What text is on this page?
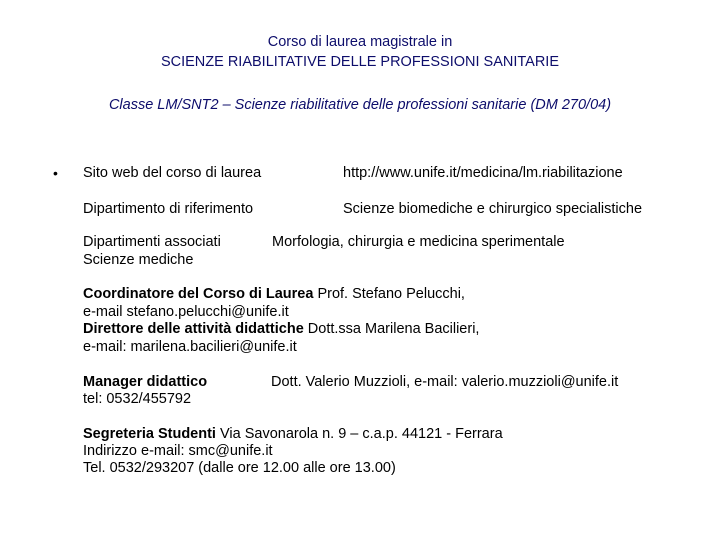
Corso di laurea magistrale in
SCIENZE RIABILITATIVE DELLE PROFESSIONI SANITARIE
Classe LM/SNT2 – Scienze riabilitative delle professioni sanitarie (DM 270/04)
• Sito web del corso di laurea	http://www.unife.it/medicina/lm.riabilitazione
Dipartimento di riferimento	Scienze biomediche e chirurgico specialistiche
Dipartimenti associati	Morfologia, chirurgia e medicina sperimentale
Scienze mediche
Coordinatore del Corso di Laurea Prof. Stefano Pelucchi,
e-mail stefano.pelucchi@unife.it
Direttore delle attività didattiche Dott.ssa Marilena Bacilieri,
e-mail: marilena.bacilieri@unife.it
Manager didattico	Dott. Valerio Muzzioli, e-mail: valerio.muzzioli@unife.it
tel: 0532/455792
Segreteria Studenti Via Savonarola n. 9 – c.a.p. 44121 - Ferrara
Indirizzo e-mail: smc@unife.it
Tel. 0532/293207 (dalle ore 12.00 alle ore 13.00)
